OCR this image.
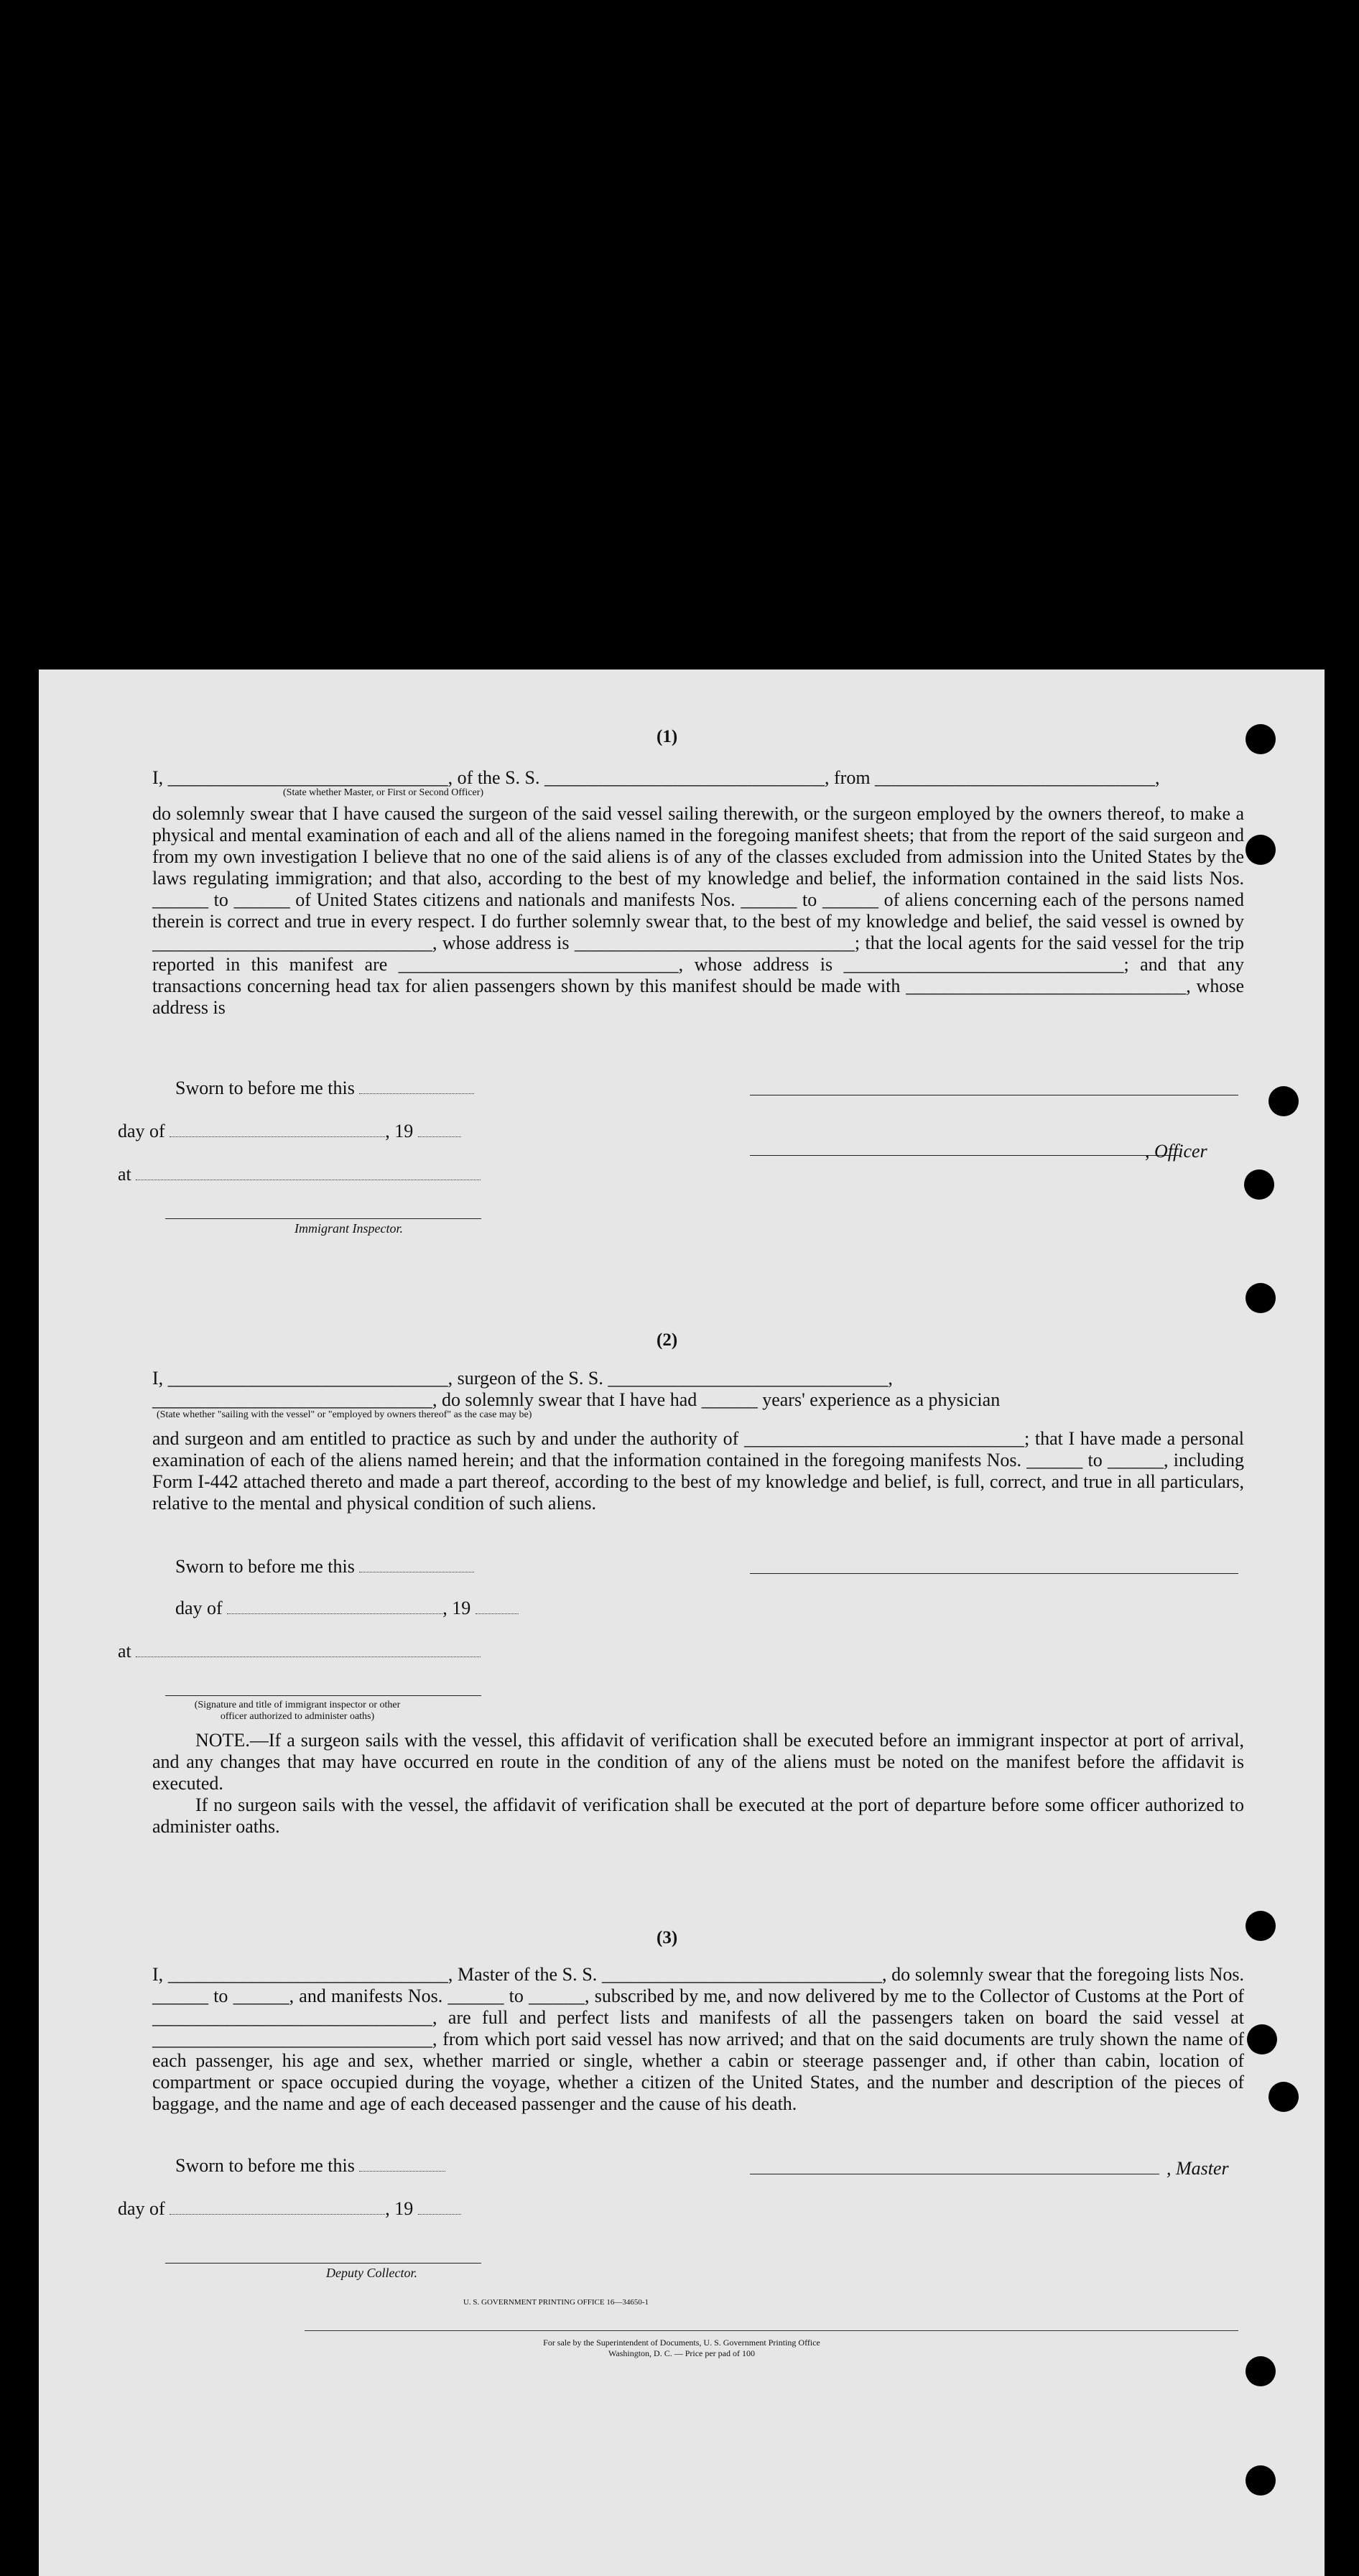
(1)
I, ______________________________, of the S. S. ______________________________, from ______________________________,
(State whether Master, or First or Second Officer)
do solemnly swear that I have caused the surgeon of the said vessel sailing therewith, or the surgeon employed by the owners thereof, to make a physical and mental examination of each and all of the aliens named in the foregoing manifest sheets; that from the report of the said surgeon and from my own investigation I believe that no one of the said aliens is of any of the classes excluded from admission into the United States by the laws regulating immigration; and that also, according to the best of my knowledge and belief, the information contained in the said lists Nos. ______ to ______ of United States citizens and nationals and manifests Nos. ______ to ______ of aliens concerning each of the persons named therein is correct and true in every respect. I do further solemnly swear that, to the best of my knowledge and belief, the said vessel is owned by ______________________________, whose address is ______________________________; that the local agents for the said vessel for the trip reported in this manifest are ______________________________, whose address is ______________________________; and that any transactions concerning head tax for alien passengers shown by this manifest should be made with ______________________________, whose address is
Sworn to before me this
day of	, 19
, Officer
at
Immigrant Inspector.
(2)
I, ______________________________, surgeon of the S. S. ______________________________,
______________________________, do solemnly swear that I have had ______ years' experience as a physician
(State whether "sailing with the vessel" or "employed by owners thereof" as the case may be)
and surgeon and am entitled to practice as such by and under the authority of ______________________________; that I have made a personal examination of each of the aliens named herein; and that the information contained in the foregoing manifests Nos. ______ to ______, including Form I-442 attached thereto and made a part thereof, according to the best of my knowledge and belief, is full, correct, and true in all particulars, relative to the mental and physical condition of such aliens.
Sworn to before me this
day of	, 19
at
(Signature and title of immigrant inspector or other officer authorized to administer oaths)
NOTE.—If a surgeon sails with the vessel, this affidavit of verification shall be executed before an immigrant inspector at port of arrival, and any changes that may have occurred en route in the condition of any of the aliens must be noted on the manifest before the affidavit is executed.
If no surgeon sails with the vessel, the affidavit of verification shall be executed at the port of departure before some officer authorized to administer oaths.
(3)
I, ______________________________, Master of the S. S. ______________________________, do solemnly swear that the foregoing lists Nos. ______ to ______, and manifests Nos. ______ to ______, subscribed by me, and now delivered by me to the Collector of Customs at the Port of ______________________________, are full and perfect lists and manifests of all the passengers taken on board the said vessel at ______________________________, from which port said vessel has now arrived; and that on the said documents are truly shown the name of each passenger, his age and sex, whether married or single, whether a cabin or steerage passenger and, if other than cabin, location of compartment or space occupied during the voyage, whether a citizen of the United States, and the number and description of the pieces of baggage, and the name and age of each deceased passenger and the cause of his death.
Sworn to before me this	, Master
day of	, 19
Deputy Collector.
U. S. GOVERNMENT PRINTING OFFICE 16—34650-1
For sale by the Superintendent of Documents, U. S. Government Printing Office
Washington, D. C. — Price per pad of 100
